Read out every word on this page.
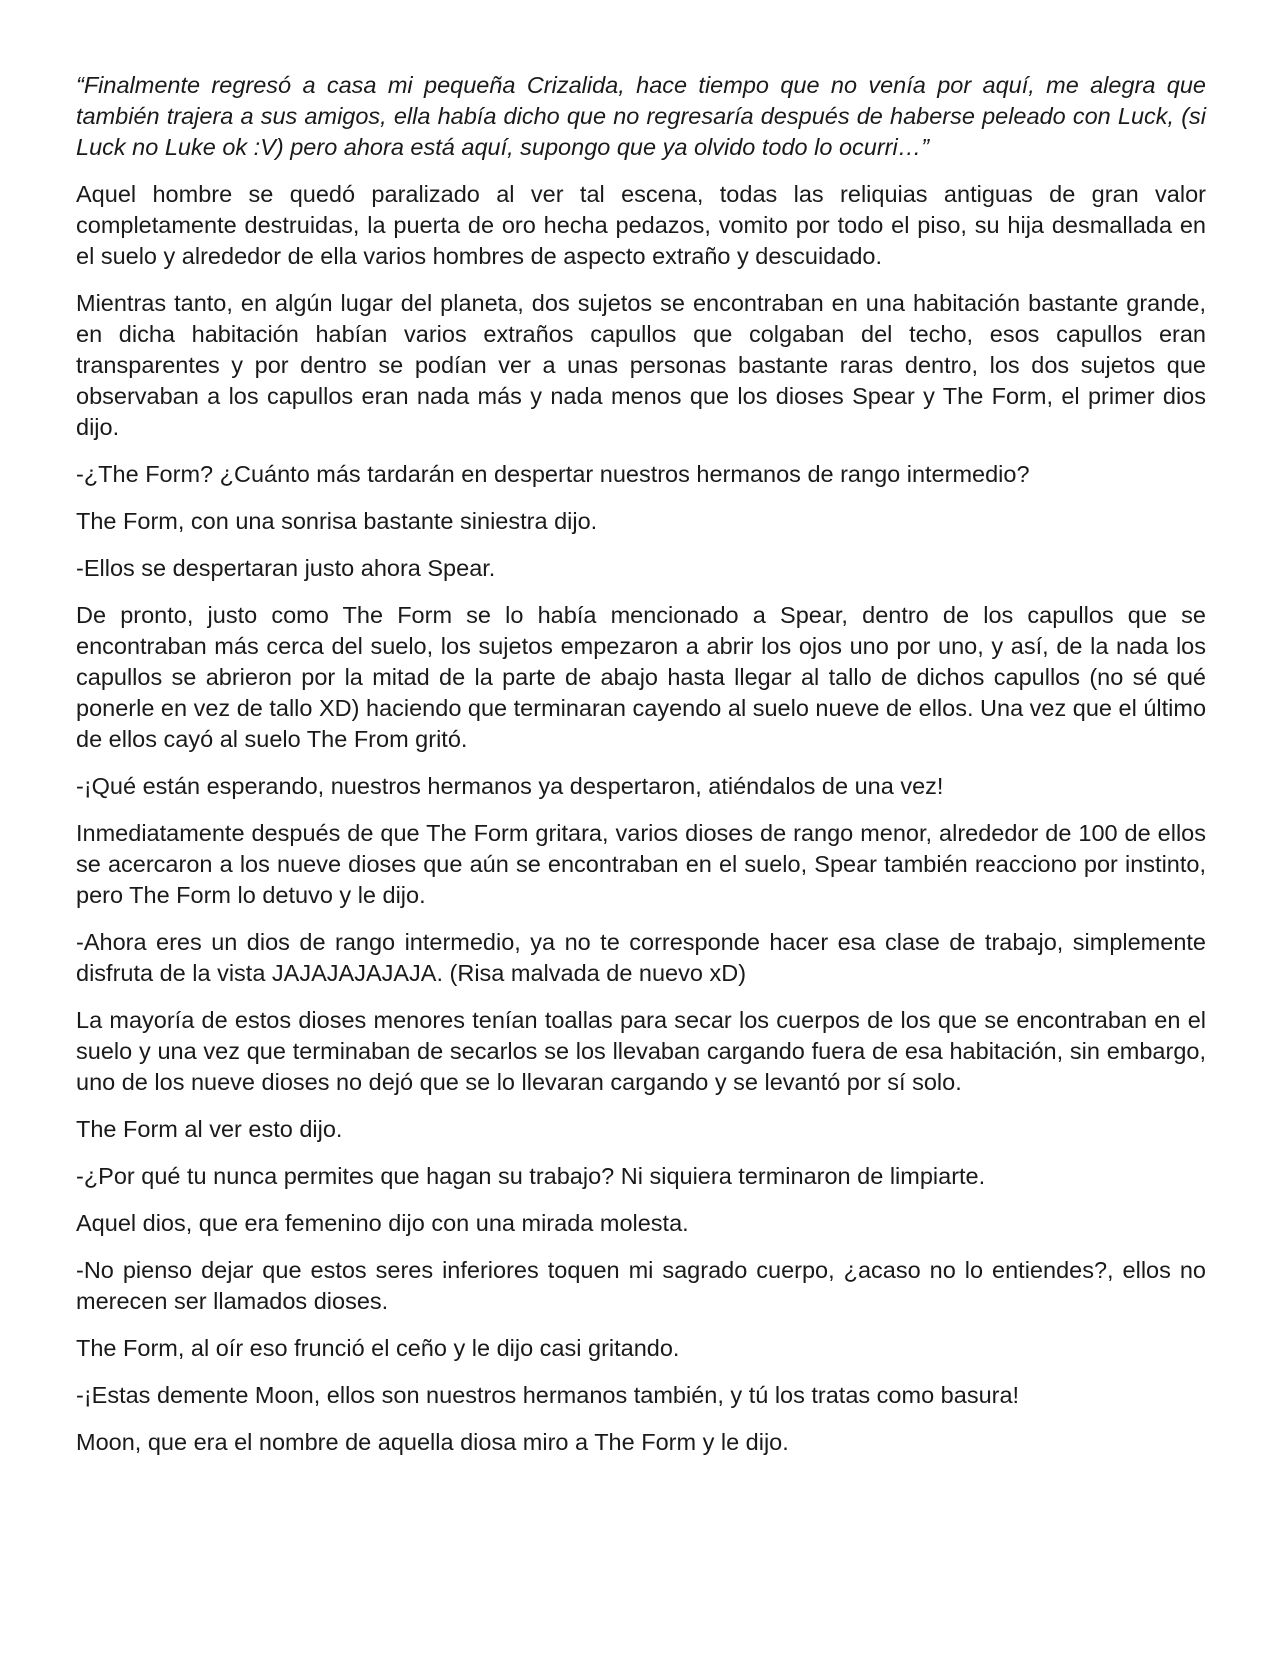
“Finalmente regresó a casa mi pequeña Crizalida, hace tiempo que no venía por aquí, me alegra que también trajera a sus amigos, ella había dicho que no regresaría después de haberse peleado con Luck, (si Luck no Luke ok :V) pero ahora está aquí, supongo que ya olvido todo lo ocurri…”

Aquel hombre se quedó paralizado al ver tal escena, todas las reliquias antiguas de gran valor completamente destruidas, la puerta de oro hecha pedazos, vomito por todo el piso, su hija desmallada en el suelo y alrededor de ella varios hombres de aspecto extraño y descuidado.

Mientras tanto, en algún lugar del planeta, dos sujetos se encontraban en una habitación bastante grande, en dicha habitación habían varios extraños capullos que colgaban del techo, esos capullos eran transparentes y por dentro se podían ver a unas personas bastante raras dentro, los dos sujetos que observaban a los capullos eran nada más y nada menos que los dioses Spear y The Form, el primer dios dijo.

-¿The Form? ¿Cuánto más tardarán en despertar nuestros hermanos de rango intermedio?

The Form, con una sonrisa bastante siniestra dijo.

-Ellos se despertaran justo ahora Spear.

De pronto, justo como The Form se lo había mencionado a Spear, dentro de los capullos que se encontraban más cerca del suelo, los sujetos empezaron a abrir los ojos uno por uno, y así, de la nada los capullos se abrieron por la mitad de la parte de abajo hasta llegar al tallo de dichos capullos (no sé qué ponerle en vez de tallo XD) haciendo que terminaran cayendo al suelo nueve de ellos. Una vez que el último de ellos cayó al suelo The From gritó.

-¡Qué están esperando, nuestros hermanos ya despertaron, atiéndalos de una vez!

Inmediatamente después de que The Form gritara, varios dioses de rango menor, alrededor de 100 de ellos se acercaron a los nueve dioses que aún se encontraban en el suelo, Spear también reacciono por instinto, pero The Form lo detuvo y le dijo.

-Ahora eres un dios de rango intermedio, ya no te corresponde hacer esa clase de trabajo, simplemente disfruta de la vista JAJAJAJAJAJA. (Risa malvada de nuevo xD)

La mayoría de estos dioses menores tenían toallas para secar los cuerpos de los que se encontraban en el suelo y una vez que terminaban de secarlos se los llevaban cargando fuera de esa habitación, sin embargo, uno de los nueve dioses no dejó que se lo llevaran cargando y se levantó por sí solo.

The Form al ver esto dijo.

-¿Por qué tu nunca permites que hagan su trabajo? Ni siquiera terminaron de limpiarte.

Aquel dios, que era femenino dijo con una mirada molesta.

-No pienso dejar que estos seres inferiores toquen mi sagrado cuerpo, ¿acaso no lo entiendes?, ellos no merecen ser llamados dioses.

The Form, al oír eso frunció el ceño y le dijo casi gritando.

-¡Estas demente Moon, ellos son nuestros hermanos también, y tú los tratas como basura!

Moon, que era el nombre de aquella diosa miro a The Form y le dijo.
